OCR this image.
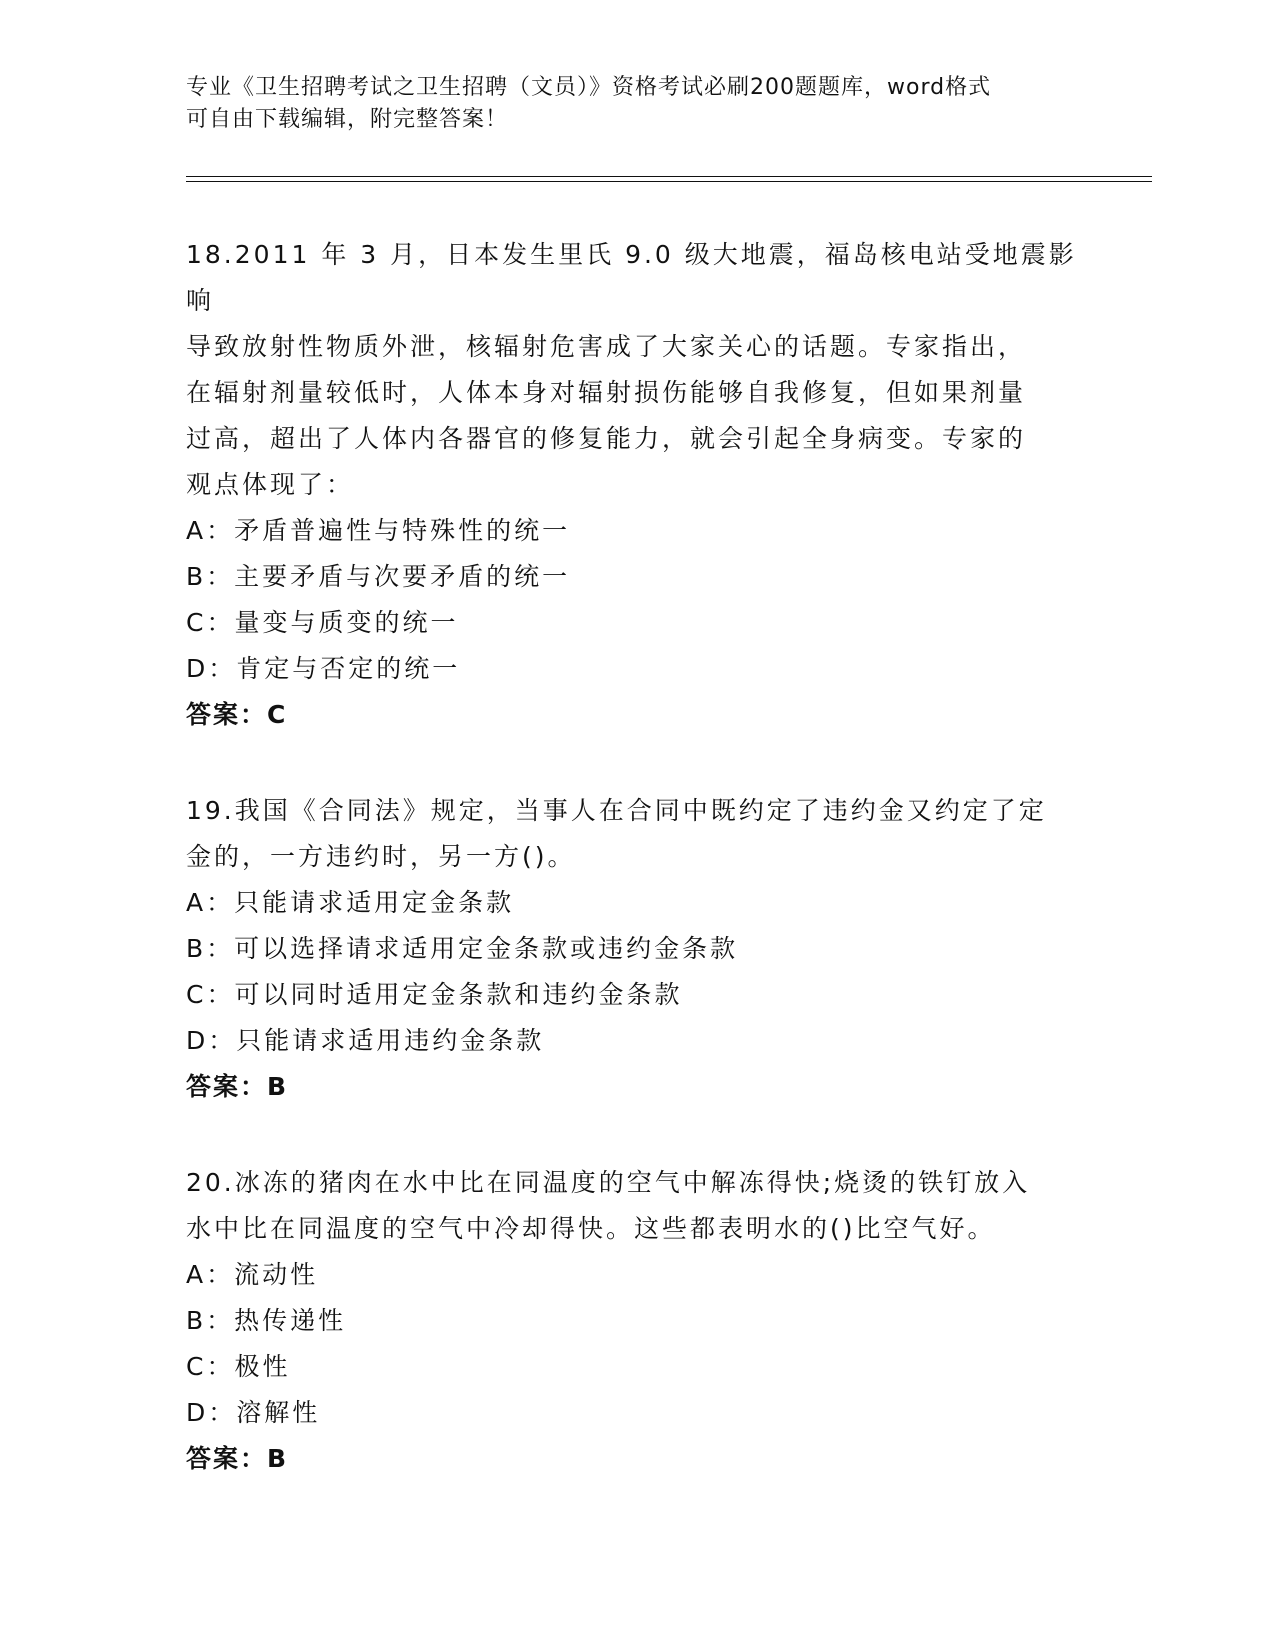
专业《卫生招聘考试之卫生招聘（文员）》资格考试必刷200题题库，word格式
可自由下载编辑，附完整答案！

18.2011 年 3 月，日本发生里氏 9.0 级大地震，福岛核电站受地震影响

导致放射性物质外泄，核辐射危害成了大家关心的话题。专家指出，

在辐射剂量较低时，人体本身对辐射损伤能够自我修复，但如果剂量

过高，超出了人体内各器官的修复能力，就会引起全身病变。专家的

观点体现了：

A：矛盾普遍性与特殊性的统一

B：主要矛盾与次要矛盾的统一

C：量变与质变的统一

D：肯定与否定的统一

答案：C

19.我国《合同法》规定，当事人在合同中既约定了违约金又约定了定

金的，一方违约时，另一方()。

A：只能请求适用定金条款

B：可以选择请求适用定金条款或违约金条款

C：可以同时适用定金条款和违约金条款

D：只能请求适用违约金条款

答案：B

20.冰冻的猪肉在水中比在同温度的空气中解冻得快;烧烫的铁钉放入

水中比在同温度的空气中冷却得快。这些都表明水的()比空气好。

A：流动性

B：热传递性

C：极性

D：溶解性

答案：B
